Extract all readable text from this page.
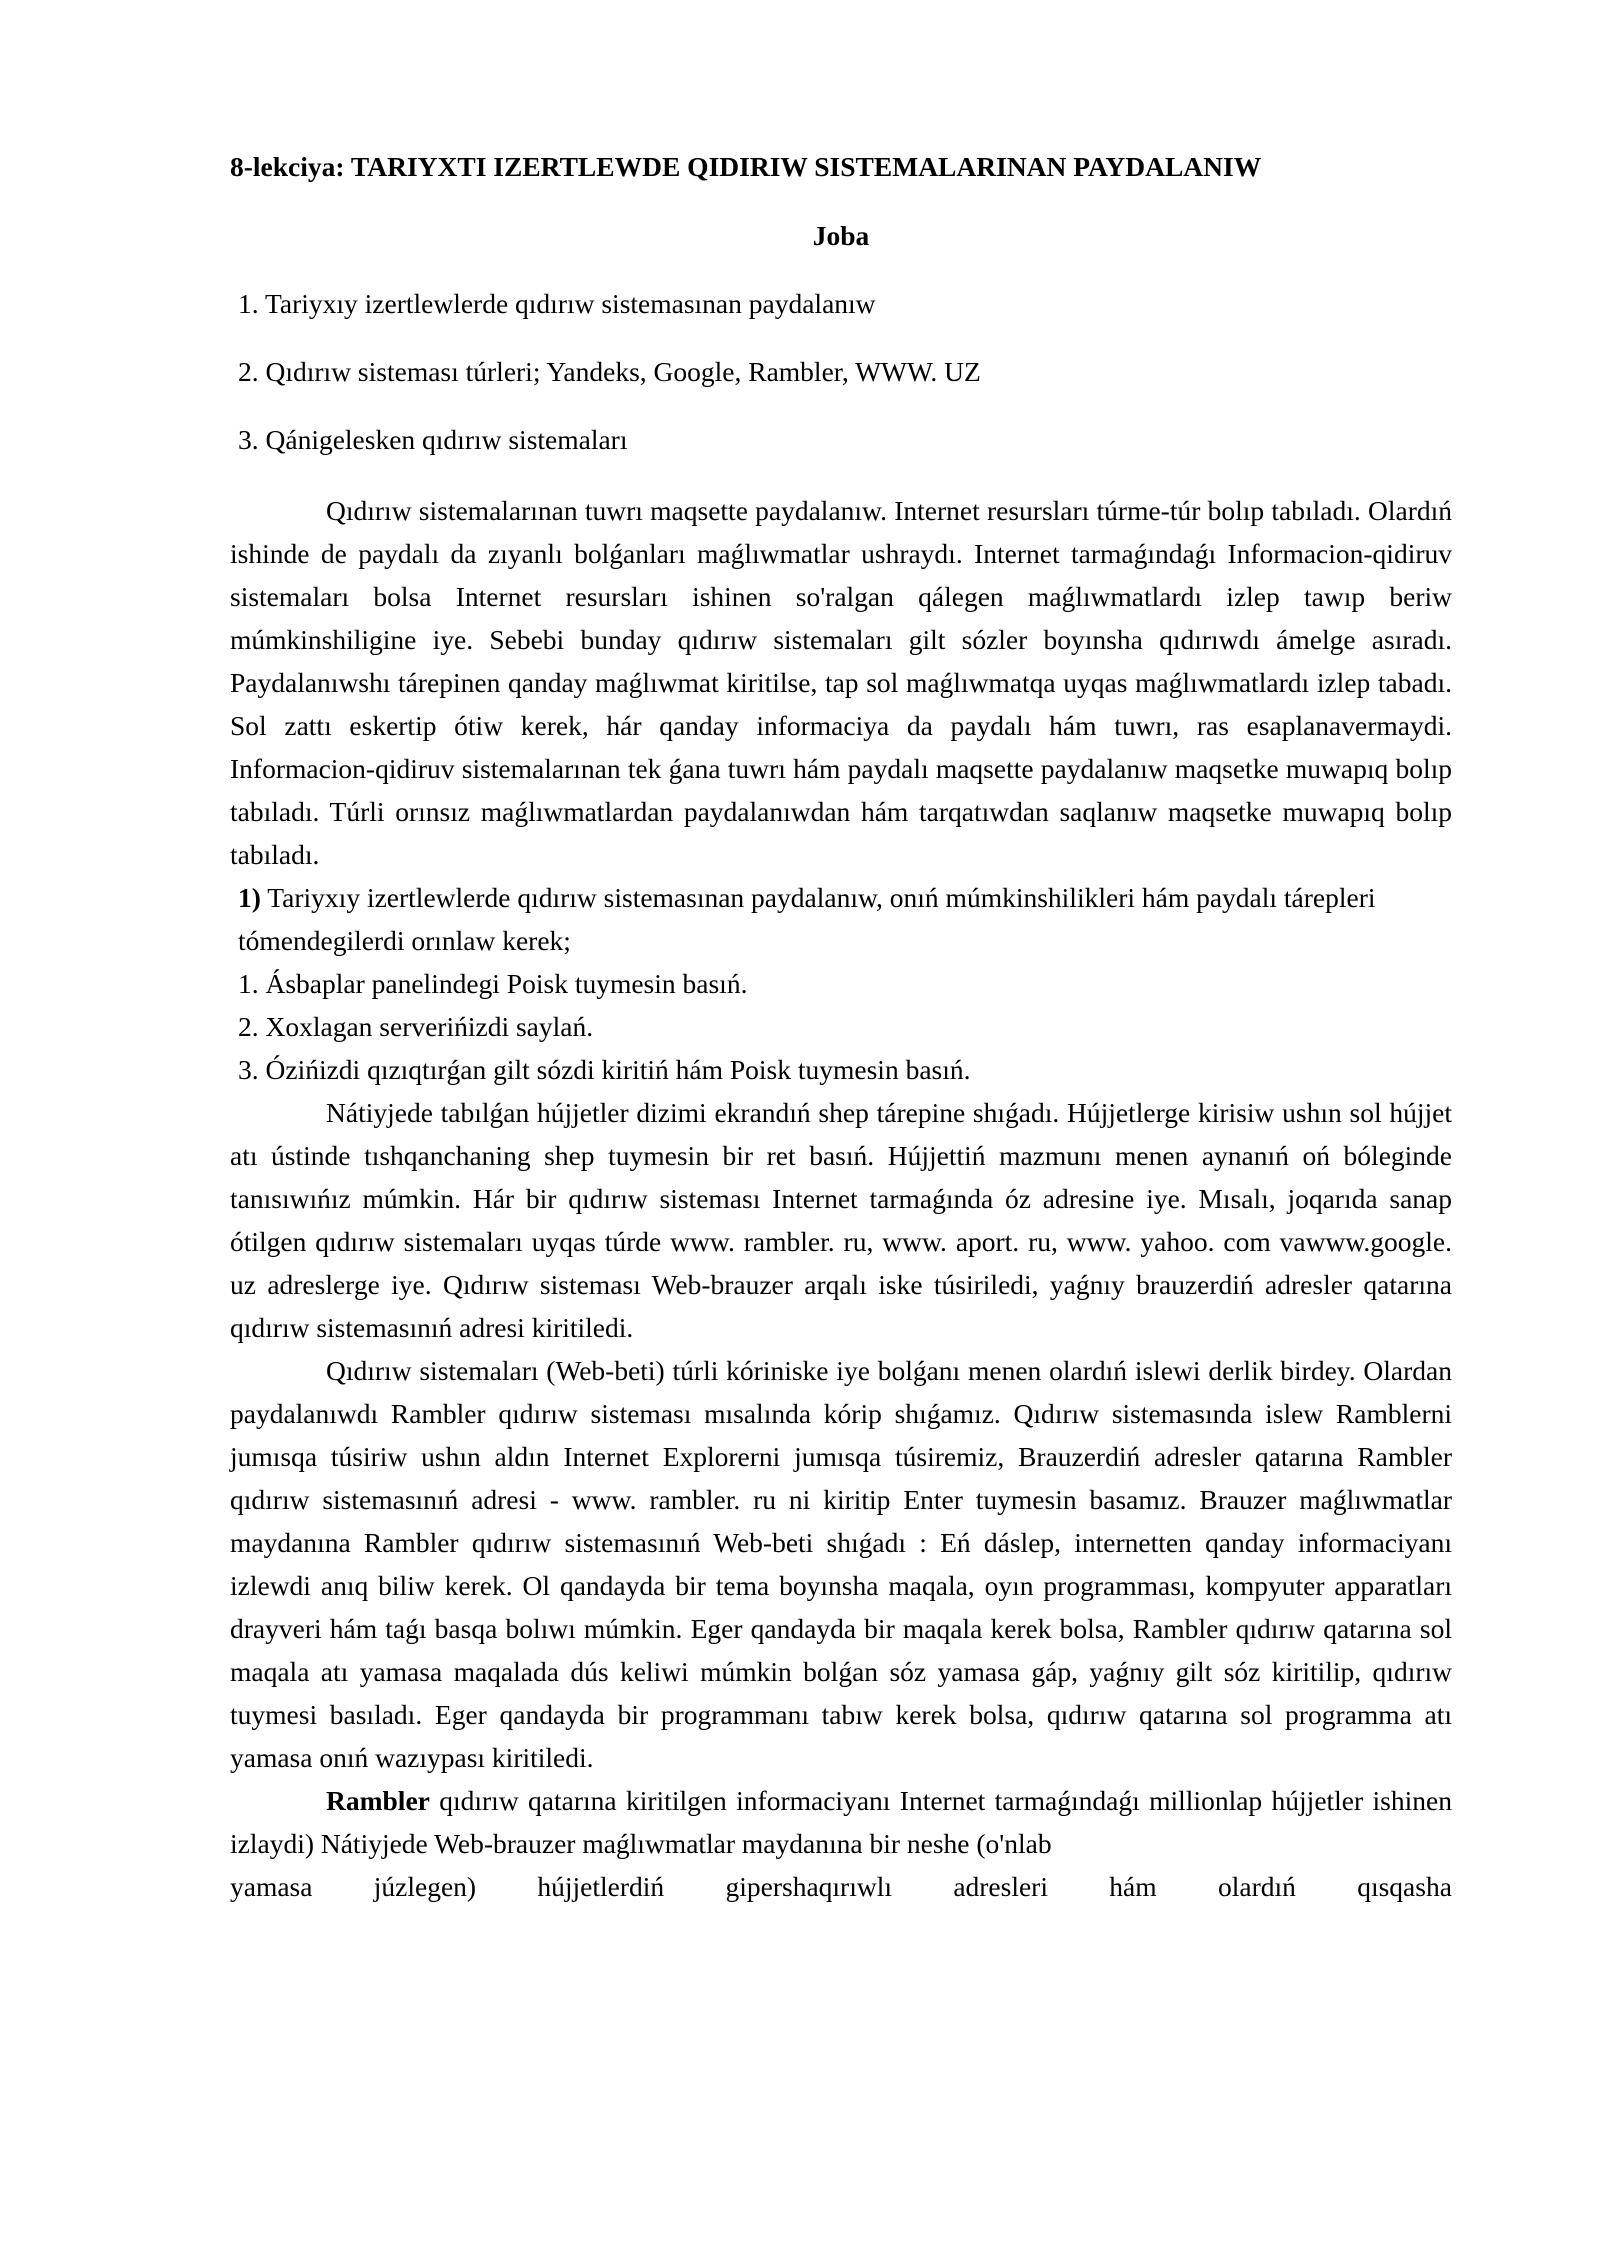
8-lekciya: TARIYXTI IZERTLEWDE QIDIRIW SISTEMALARINAN PAYDALANIW

Joba

1. Tariyxıy izertlewlerde qıdırıw sistemasınan paydalanıw

2. Qıdırıw sisteması túrleri; Yandeks, Google, Rambler, WWW. UZ

3. Qánigelesken qıdırıw sistemaları

Qıdırıw sistemalarınan tuwrı maqsette paydalanıw. Internet resursları túrme-túr bolıp tabıladı. Olardıń ishinde de paydalı da zıyanlı bolǵanları maǵlıwmatlar ushraydı. Internet tarmaǵındaǵı Informacion-qidiruv sistemaları bolsa Internet resursları ishinen so'ralgan qálegen maǵlıwmatlardı izlep tawıp beriw múmkinshiligine iye. Sebebi bunday qıdırıw sistemaları gilt sózler boyınsha qıdırıwdı ámelge asıradı. Paydalanıwshı tárepinen qanday maǵlıwmat kiritilse, tap sol maǵlıwmatqa uyqas maǵlıwmatlardı izlep tabadı. Sol zattı eskertip ótiw kerek, hár qanday informaciya da paydalı hám tuwrı, ras esaplanavermaydi. Informacion-qidiruv sistemalarınan tek ǵana tuwrı hám paydalı maqsette paydalanıw maqsetke muwapıq bolıp tabıladı. Túrli orınsız maǵlıwmatlardan paydalanıwdan hám tarqatıwdan saqlanıw maqsetke muwapıq bolıp tabıladı.

1) Tariyxıy izertlewlerde qıdırıw sistemasınan paydalanıw, onıń múmkinshilikleri hám paydalı tárepleri

tómendegilerdi orınlaw kerek;

1. Ásbaplar panelindegi Poisk tuymesin basıń.

2. Xoxlagan serverińizdi saylań.

3. Ózińizdi qızıqtırǵan gilt sózdi kiritiń hám Poisk tuymesin basıń.

Nátiyjede tabılǵan hújjetler dizimi ekrandıń shep tárepine shıǵadı. Hújjetlerge kirisiw ushın sol hújjet atı ústinde tıshqanchaning shep tuymesin bir ret basıń. Hújjettiń mazmunı menen aynanıń oń bóleginde tanısıwıńız múmkin. Hár bir qıdırıw sisteması Internet tarmaǵında óz adresine iye. Mısalı, joqarıda sanap ótilgen qıdırıw sistemaları uyqas túrde www. rambler. ru, www. aport. ru, www. yahoo. com vawww.google. uz adreslerge iye. Qıdırıw sisteması Web-brauzer arqalı iske túsiriledi, yaǵnıy brauzerdiń adresler qatarına qıdırıw sistemasınıń adresi kiritiledi.

Qıdırıw sistemaları (Web-beti) túrli kóriniske iye bolǵanı menen olardıń islewi derlik birdey. Olardan paydalanıwdı Rambler qıdırıw sisteması mısalında kórip shıǵamız. Qıdırıw sistemasında islew Ramblerni jumısqa túsiriw ushın aldın Internet Explorerni jumısqa túsiremiz, Brauzerdiń adresler qatarına Rambler qıdırıw sistemasınıń adresi - www. rambler. ru ni kiritip Enter tuymesin basamız. Brauzer maǵlıwmatlar maydanına Rambler qıdırıw sistemasınıń Web-beti shıǵadı : Eń dáslep, internetten qanday informaciyanı izlewdi anıq biliw kerek. Ol qandayda bir tema boyınsha maqala, oyın programması, kompyuter apparatları drayveri hám taǵı basqa bolıwı múmkin. Eger qandayda bir maqala kerek bolsa, Rambler qıdırıw qatarına sol maqala atı yamasa maqalada dús keliwi múmkin bolǵan sóz yamasa gáp, yaǵnıy gilt sóz kiritilip, qıdırıw tuymesi basıladı. Eger qandayda bir programmanı tabıw kerek bolsa, qıdırıw qatarına sol programma atı yamasa onıń wazıypası kiritiledi.

Rambler qıdırıw qatarına kiritilgen informaciyanı Internet tarmaǵındaǵı millionlap hújjetler ishinen izlaydi) Nátiyjede Web-brauzer maǵlıwmatlar maydanına bir neshe (o'nlab

yamasa júzlegen) hújjetlerdiń gipershaqırıwlı adresleri hám olardıń qısqasha
